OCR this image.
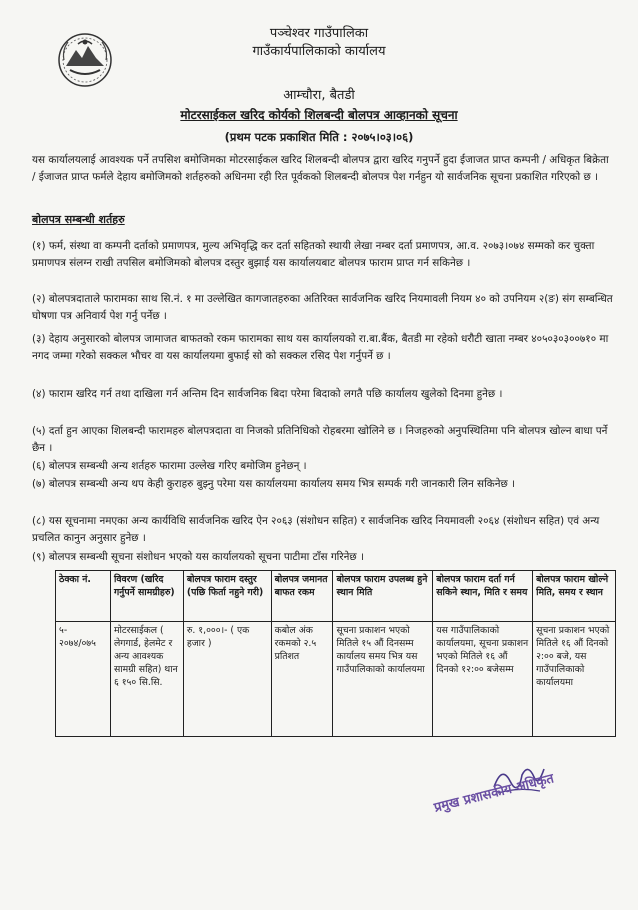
पञ्चेश्वर गाउँपालिका
गाउँकार्यपालिकाको कार्यालय
आम्चौरा, बैतडी
मोटरसाईकल खरिद कोर्यको शिलबन्दी बोलपत्र आव्हानको सूचना
(प्रथम पटक प्रकाशित मिति : २०७५।०३।०६)
यस कार्यालयलाई आवश्यक पर्ने तपसिश बमोजिमका मोटरसाईकल खरिद शिलबन्दी बोलपत्र द्वारा खरिद गनुपर्ने हुदा ईजाजत प्राप्त कम्पनी / अधिकृत बिक्रेता / ईजाजत प्राप्त फर्मले देहाय बमोजिमको शर्तहरुको अधिनमा रही रित पूर्वकको शिलबन्दी बोलपत्र पेश गर्नहुन यो सार्वजनिक सूचना प्रकाशित गरिएको छ ।
बोलपत्र सम्बन्धी शर्तहरु
(१) फर्म, संस्था वा कम्पनी दर्ताको प्रमाणपत्र, मुल्य अभिवृद्धि कर दर्ता सहितको स्थायी लेखा नम्बर दर्ता प्रमाणपत्र, आ.व. २०७३।०७४ सम्मको कर चुक्ता प्रमाणपत्र संलग्न राखी तपसिल बमोजिमको बोलपत्र दस्तुर बुझाई यस कार्यालयबाट बोलपत्र फाराम प्राप्त गर्न सकिनेछ ।
(२) बोलपत्रदाताले फारामका साथ सि.नं. १ मा उल्लेखित कागजातहरुका अतिरिक्त सार्वजनिक खरिद नियमावली नियम ४० को उपनियम २(ङ) संग सम्बन्धित घोषणा पत्र अनिवार्य पेश गर्नु पर्नेछ ।
(३) देहाय अनुसारको बोलपत्र जामाजत बाफतको रकम फारामका साथ यस कार्यालयको रा.बा.बैंक, बैतडी मा रहेको धरौटी खाता नम्बर ४०५०३०३००७१० मा नगद जम्मा गरेको सक्कल भौचर वा यस कार्यालयमा बुफाई सो को सक्कल रसिद पेश गर्नुपर्ने छ ।
(४) फाराम खरिद गर्न तथा दाखिला गर्न अन्तिम दिन सार्वजनिक बिदा परेमा बिदाको लगतै पछि कार्यालय खुलेको दिनमा हुनेछ ।
(५) दर्ता हुन आएका शिलबन्दी फारामहरु बोलपत्रदाता वा निजको प्रतिनिधिको रोहबरमा खोलिने छ । निजहरुको अनुपस्थितिमा पनि बोलपत्र खोल्न बाधा पर्ने छैन ।
(६) बोलपत्र सम्बन्धी अन्य शर्तहरु फारामा उल्लेख गरिए बमोजिम हुनेछन् ।
(७) बोलपत्र सम्बन्धी अन्य थप केही कुराहरु बुझ्नु परेमा यस कार्यालयमा कार्यालय समय भित्र सम्पर्क गरी जानकारी लिन सकिनेछ ।
(८) यस सूचनामा नमएका अन्य कार्यविधि सार्वजनिक खरिद ऐन २०६३ (संशोधन सहित) र सार्वजनिक खरिद नियमावली २०६४ (संशोधन सहित) एवं अन्य प्रचलित कानुन अनुसार हुनेछ ।
(९) बोलपत्र सम्बन्धी सूचना संशोधन भएको यस कार्यालयको सूचना पाटीमा टाँस गरिनेछ ।
ठेक्का नं.	विवरण (खरिद गर्नुपर्ने सामग्रीहरु)	बोलपत्र फाराम दस्तुर (पछि फिर्ता नहुने गरी)	बोलपत्र जमानत बाफत रकम	बोलपत्र फाराम उपलब्ध हुने स्थान मिति	बोलपत्र फाराम दर्ता गर्न सकिने स्थान, मिति र समय	बोलपत्र फाराम खोल्ने मिति, समय र स्थान
५- २०७४/०७५	मोटरसाईकल ( लेगगार्ड, हेलमेट र अन्य आवश्यक सामग्री सहित) थान ६ १५० सि.सि.	रु. १,०००।- ( एक हजार )	कबोल अंक रकमको २.५ प्रतिशत	सूचना प्रकाशन भएको मितिले १५ औं दिनसम्म कार्यालय समय भित्र यस गाउँपालिकाको कार्यालयमा	यस गाउँपालिकाको कार्यालयमा, सूचना प्रकाशन भएको मितिले १६ औं दिनको १२:०० बजेसम्म	सूचना प्रकाशन भएको मितिले १६ औं दिनको २:०० बजे, यस गाउँपालिकाको कार्यालयमा
प्रमुख प्रशासकीय अधिकृत
